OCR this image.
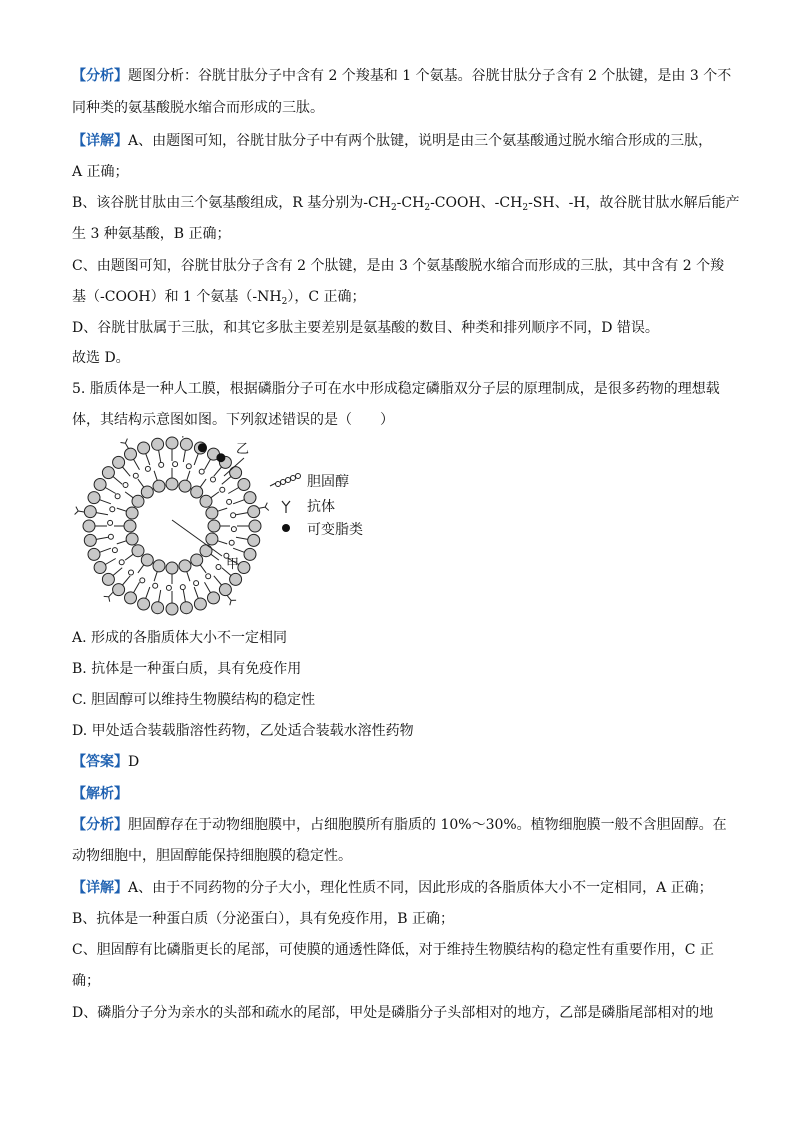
【分析】题图分析：谷胱甘肽分子中含有 2 个羧基和 1 个氨基。谷胱甘肽分子含有 2 个肽键，是由 3 个不
同种类的氨基酸脱水缩合而形成的三肽。
【详解】A、由题图可知，谷胱甘肽分子中有两个肽键，说明是由三个氨基酸通过脱水缩合形成的三肽，
A 正确；
B、该谷胱甘肽由三个氨基酸组成，R 基分别为$-CH_2-CH_2$-COOH、$-CH_2-SH$、-H，故谷胱甘肽水解后能产
生 3 种氨基酸，B 正确；
C、由题图可知，谷胱甘肽分子含有 2 个肽键，是由 3 个氨基酸脱水缩合而形成的三肽，其中含有 2 个羧
基（-COOH）和 1 个氨基$(-NH_2)$，C 正确；
D、谷胱甘肽属于三肽，和其它多肽主要差别是氨基酸的数目、种类和排列顺序不同，D 错误。
故选 D。
5. 脂质体是一种人工膜，根据磷脂分子可在水中形成稳定磷脂双分子层的原理制成，是很多药物的理想载
体，其结构示意图如图。下列叙述错误的是（　　）
胆固醇
抗体
可变脂类
乙
甲
A. 形成的各脂质体大小不一定相同
B. 抗体是一种蛋白质，具有免疫作用
C. 胆固醇可以维持生物膜结构的稳定性
D. 甲处适合装载脂溶性药物，乙处适合装载水溶性药物
【答案】D
【解析】
【分析】胆固醇存在于动物细胞膜中，占细胞膜所有脂质的 10%～30%。植物细胞膜一般不含胆固醇。在
动物细胞中，胆固醇能保持细胞膜的稳定性。
【详解】A、由于不同药物的分子大小，理化性质不同，因此形成的各脂质体大小不一定相同，A 正确；
B、抗体是一种蛋白质（分泌蛋白），具有免疫作用，B 正确；
C、胆固醇有比磷脂更长的尾部，可使膜的通透性降低，对于维持生物膜结构的稳定性有重要作用，C 正
确；
D、磷脂分子分为亲水的头部和疏水的尾部，甲处是磷脂分子头部相对的地方，乙部是磷脂尾部相对的地
